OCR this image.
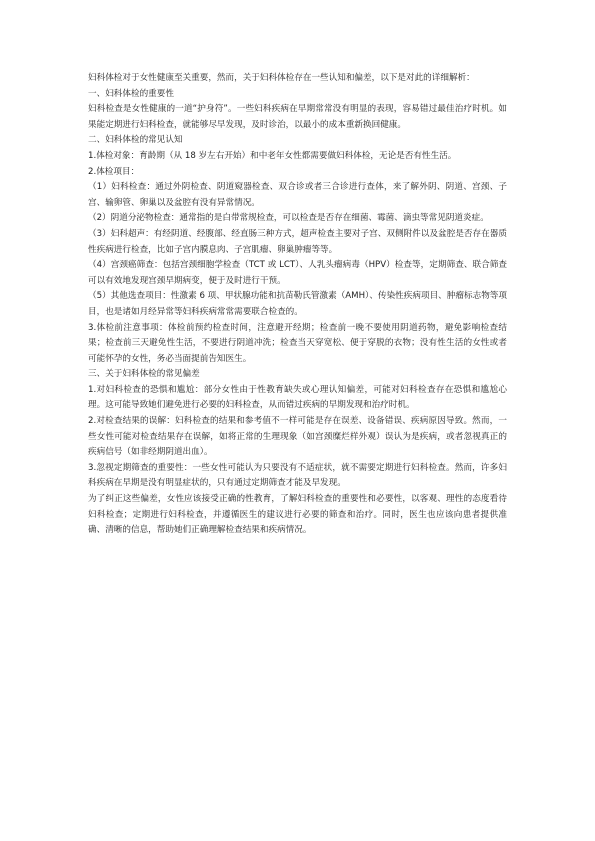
妇科体检对于女性健康至关重要，然而，关于妇科体检存在一些认知和偏差，以下是对此的详细解析：

一、妇科体检的重要性

妇科检查是女性健康的一道“护身符”。一些妇科疾病在早期常常没有明显的表现，容易错过最佳治疗时机。如果能定期进行妇科检查，就能够尽早发现，及时诊治，以最小的成本重新换回健康。

二、妇科体检的常见认知

1.体检对象：育龄期（从 18 岁左右开始）和中老年女性都需要做妇科体检，无论是否有性生活。

2.体检项目：

（1）妇科检查：通过外阴检查、阴道窥器检查、双合诊或者三合诊进行查体，来了解外阴、阴道、宫颈、子宫、输卵管、卵巢以及盆腔有没有异常情况。

（2）阴道分泌物检查：通常指的是白带常规检查，可以检查是否存在细菌、霉菌、滴虫等常见阴道炎症。

（3）妇科超声：有经阴道、经腹部、经直肠三种方式，超声检查主要对子宫、双侧附件以及盆腔是否存在器质性疾病进行检查，比如子宫内膜息肉、子宫肌瘤、卵巢肿瘤等等。

（4）宫颈癌筛查：包括宫颈细胞学检查（TCT 或 LCT）、人乳头瘤病毒（HPV）检查等，定期筛查、联合筛查可以有效地发现宫颈早期病变，便于及时进行干预。

（5）其他选查项目：性激素 6 项、甲状腺功能和抗苗勒氏管激素（AMH）、传染性疾病项目、肿瘤标志物等项目，也是诸如月经异常等妇科疾病常常需要联合检查的。

3.体检前注意事项：体检前预约检查时间，注意避开经期；检查前一晚不要使用阴道药物，避免影响检查结果；检查前三天避免性生活，不要进行阴道冲洗；检查当天穿宽松、便于穿脱的衣物；没有性生活的女性或者可能怀孕的女性，务必当面提前告知医生。

三、关于妇科体检的常见偏差

1.对妇科检查的恐惧和尴尬：部分女性由于性教育缺失或心理认知偏差，可能对妇科检查存在恐惧和尴尬心理。这可能导致她们避免进行必要的妇科检查，从而错过疾病的早期发现和治疗时机。

2.对检查结果的误解：妇科检查的结果和参考值不一样可能是存在误差、设备错误、疾病原因导致。然而，一些女性可能对检查结果存在误解，如将正常的生理现象（如宫颈糜烂样外观）误认为是疾病，或者忽视真正的疾病信号（如非经期阴道出血）。

3.忽视定期筛查的重要性：一些女性可能认为只要没有不适症状，就不需要定期进行妇科检查。然而，许多妇科疾病在早期是没有明显症状的，只有通过定期筛查才能及早发现。

为了纠正这些偏差，女性应该接受正确的性教育，了解妇科检查的重要性和必要性，以客观、理性的态度看待妇科检查；定期进行妇科检查，并遵循医生的建议进行必要的筛查和治疗。同时，医生也应该向患者提供准确、清晰的信息，帮助她们正确理解检查结果和疾病情况。
